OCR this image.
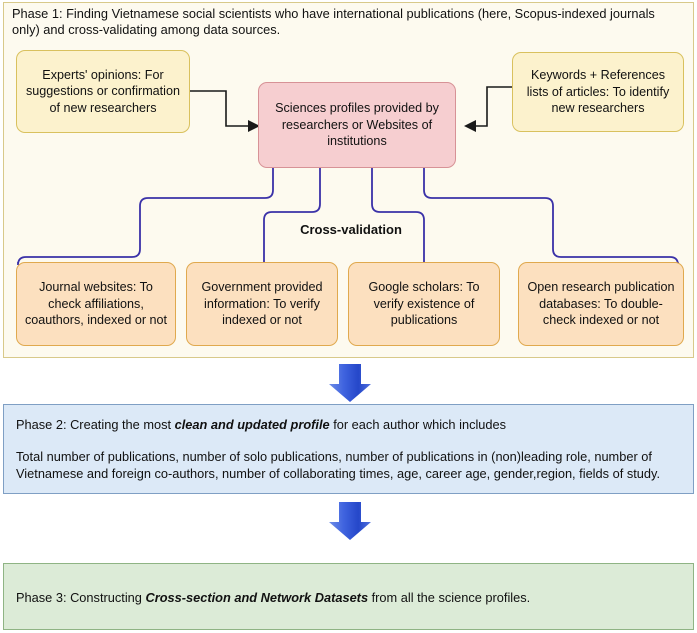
Phase 1: Finding Vietnamese social scientists who have international publications (here, Scopus-indexed journals only) and cross-validating among data sources.
Experts' opinions: For suggestions or confirmation of new researchers
Keywords + References lists of articles: To identify new researchers
Sciences profiles provided by researchers or Websites of institutions
Cross-validation
Journal websites: To check affiliations, coauthors, indexed or not
Government provided information: To verify indexed or not
Google scholars: To verify existence of publications
Open research publication databases: To double-check indexed or not
Phase 2: Creating the most clean and updated profile for each author which includes
Total number of publications, number of solo publications, number of publications in (non)leading role, number of Vietnamese and foreign co-authors, number of collaborating times, age, career age, gender,region, fields of study.
Phase 3: Constructing Cross-section and Network Datasets from all the science profiles.
